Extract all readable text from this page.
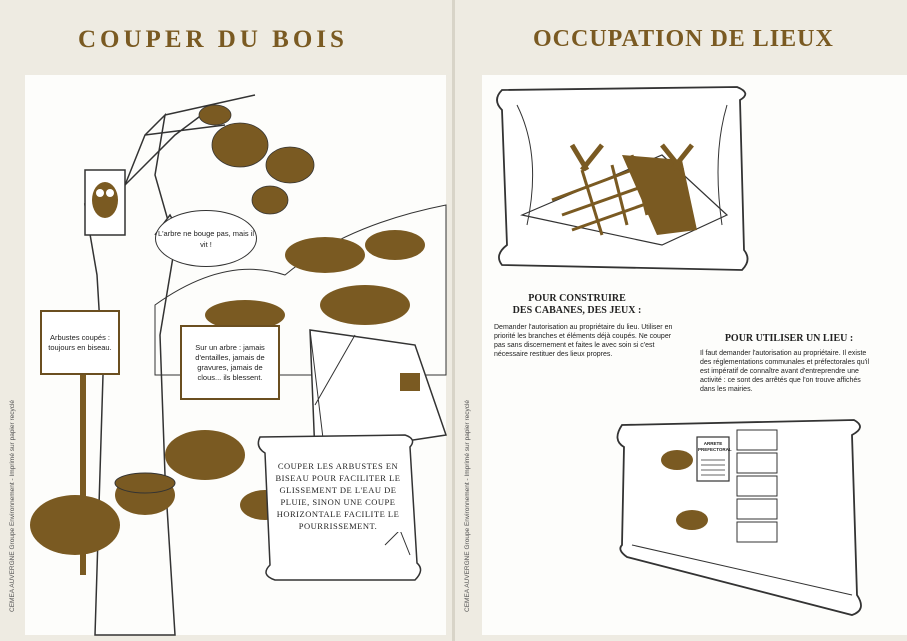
COUPER DU BOIS
CEMEA AUVERGNE Groupe Environnement - Imprimé sur papier recyclé
L'arbre ne bouge pas, mais il vit !
Arbustes coupés : toujours en biseau.	Sur un arbre : jamais d'entailles, jamais de gravures, jamais de clous... ils blessent.
COUPER LES ARBUSTES EN BISEAU POUR FACILITER LE GLISSEMENT DE L'EAU DE PLUIE, SINON UNE COUPE HORIZONTALE FACILITE LE POURRISSEMENT.
OCCUPATION DE LIEUX
CEMEA AUVERGNE Groupe Environnement - Imprimé sur papier recyclé
POUR CONSTRUIRE
DES CABANES, DES JEUX :
Demander l'autorisation au propriétaire du lieu. Utiliser en priorité les branches et éléments déjà coupés. Ne couper pas sans discernement et faites le avec soin si c'est nécessaire restituer des lieux propres.
POUR UTILISER UN LIEU :
Il faut demander l'autorisation au propriétaire. Il existe des réglementations communales et préfectorales qu'il est impératif de connaître avant d'entreprendre une activité : ce sont des arrêtés que l'on trouve affichés dans les mairies.
ARRETE PREFECTORAL
